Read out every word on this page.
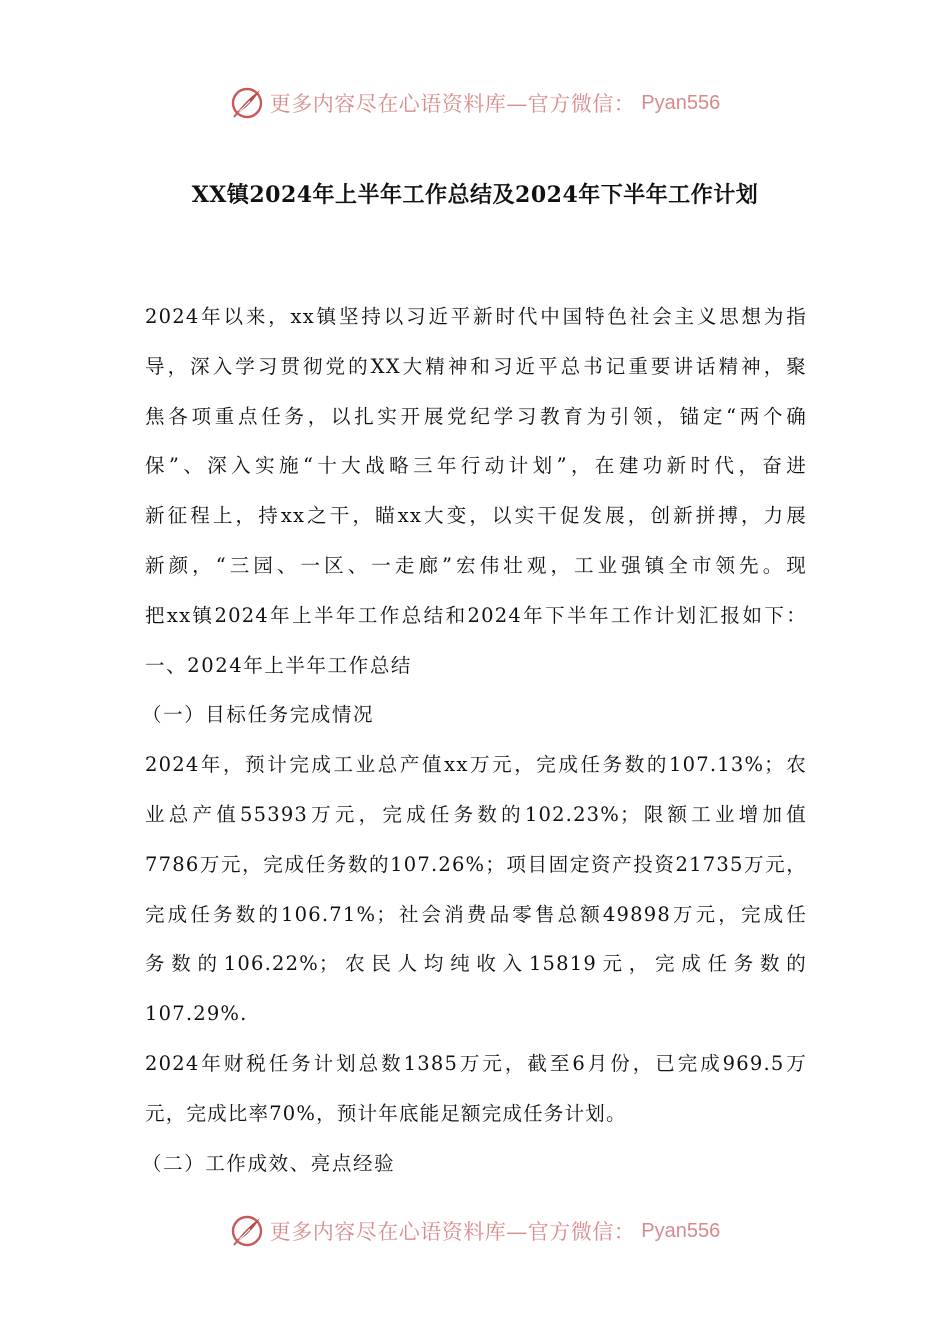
更多内容尽在心语资料库—官方微信： Pyan556
XX镇2024年上半年工作总结及2024年下半年工作计划
2024年以来，xx镇坚持以习近平新时代中国特色社会主义思想为指
导，深入学习贯彻党的XX大精神和习近平总书记重要讲话精神，聚
焦各项重点任务，以扎实开展党纪学习教育为引领，锚定“两个确
保”、深入实施“十大战略三年行动计划”，在建功新时代，奋进
新征程上，持xx之干，瞄xx大变，以实干促发展，创新拼搏，力展
新颜，“三园、一区、一走廊”宏伟壮观，工业强镇全市领先。现
把xx镇2024年上半年工作总结和2024年下半年工作计划汇报如下：
一、2024年上半年工作总结
（一）目标任务完成情况
2024年，预计完成工业总产值xx万元，完成任务数的107.13%；农
业总产值55393万元，完成任务数的102.23%；限额工业增加值
7786万元，完成任务数的107.26%；项目固定资产投资21735万元，
完成任务数的106.71%；社会消费品零售总额49898万元，完成任
务数的106.22%；农民人均纯收入15819元，完成任务数的
107.29%.
2024年财税任务计划总数1385万元，截至6月份，已完成969.5万
元，完成比率70%，预计年底能足额完成任务计划。
（二）工作成效、亮点经验
更多内容尽在心语资料库—官方微信： Pyan556
